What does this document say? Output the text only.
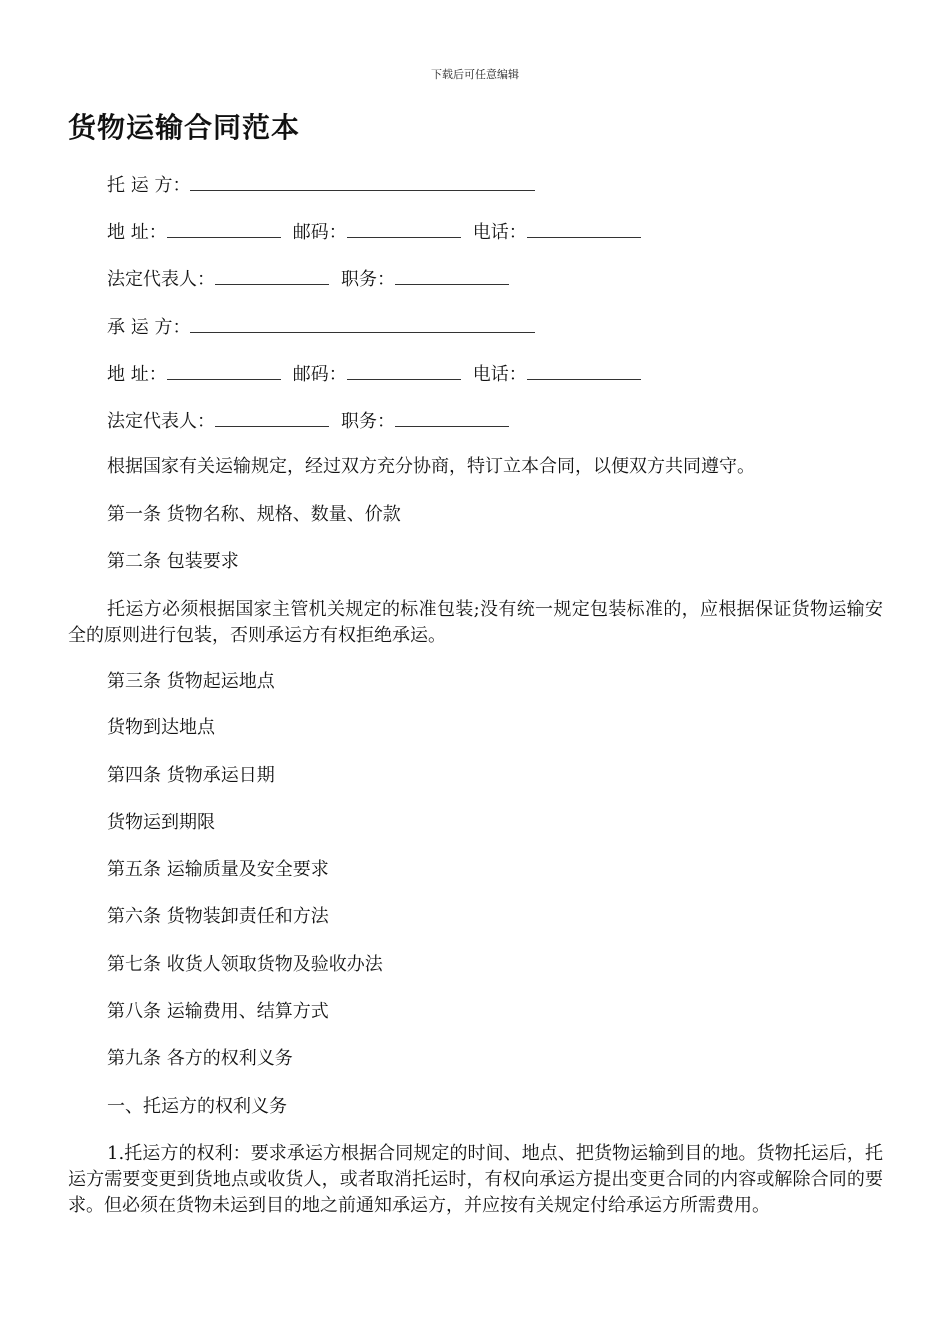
下载后可任意编辑
货物运输合同范本
托 运 方：
地 址：	邮码：	电话：
法定代表人：	职务：
承 运 方：
地 址：	邮码：	电话：
法定代表人：	职务：
根据国家有关运输规定，经过双方充分协商，特订立本合同，以便双方共同遵守。
第一条 货物名称、规格、数量、价款
第二条 包装要求
托运方必须根据国家主管机关规定的标准包装;没有统一规定包装标准的，应根据保证货物运输安全的原则进行包装，否则承运方有权拒绝承运。
第三条 货物起运地点
货物到达地点
第四条 货物承运日期
货物运到期限
第五条 运输质量及安全要求
第六条 货物装卸责任和方法
第七条 收货人领取货物及验收办法
第八条 运输费用、结算方式
第九条 各方的权利义务
一、托运方的权利义务
1.托运方的权利：要求承运方根据合同规定的时间、地点、把货物运输到目的地。货物托运后，托运方需要变更到货地点或收货人，或者取消托运时，有权向承运方提出变更合同的内容或解除合同的要求。但必须在货物未运到目的地之前通知承运方，并应按有关规定付给承运方所需费用。
